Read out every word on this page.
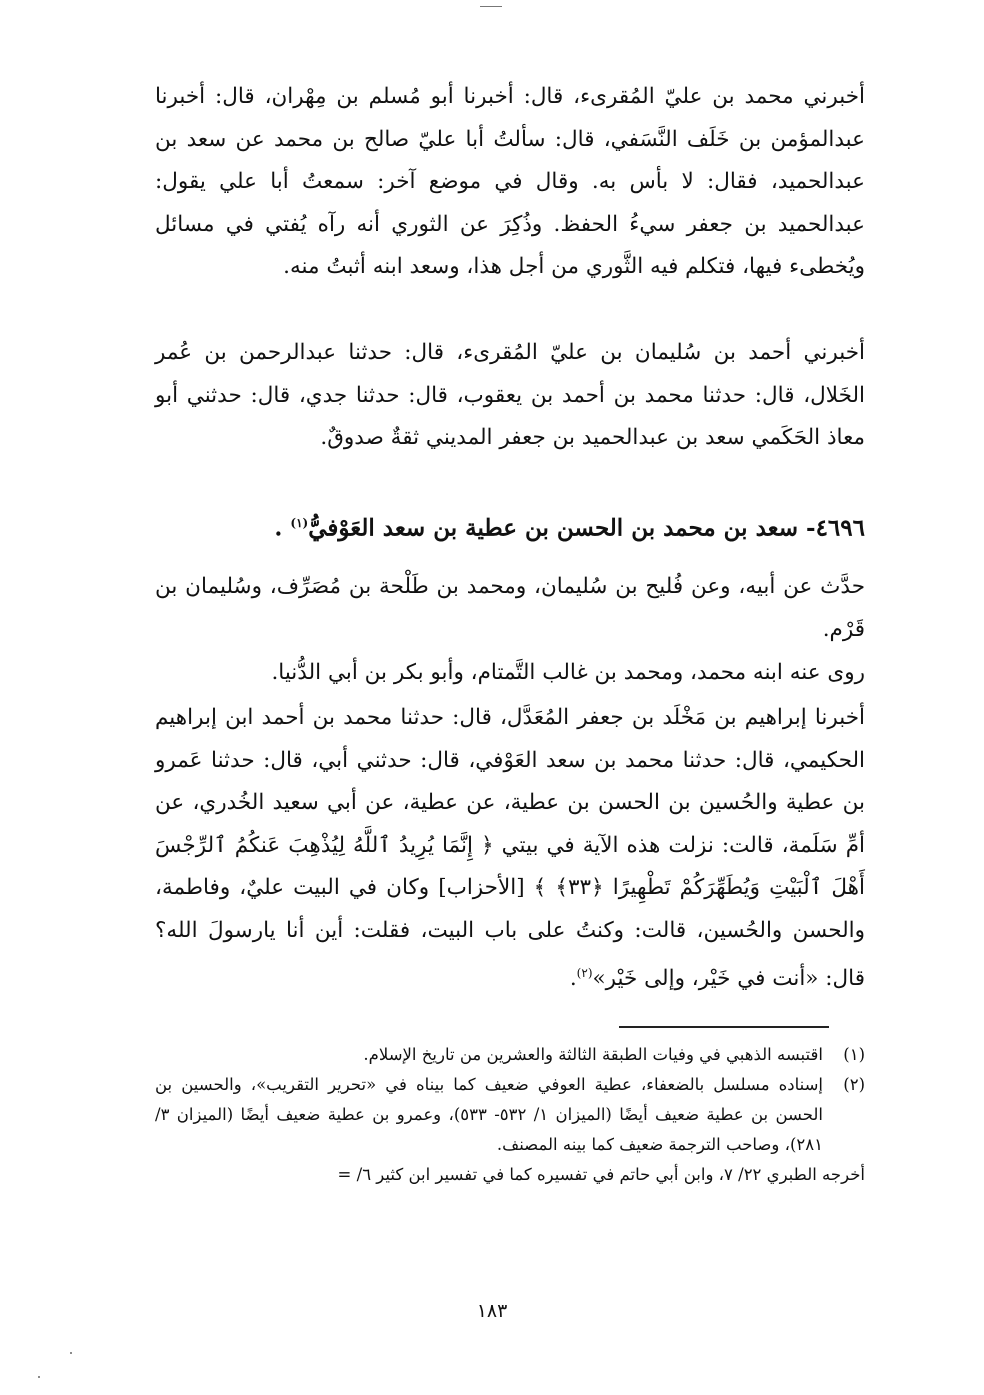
أخبرني محمد بن عليّ المُقرىء، قال: أخبرنا أبو مُسلم بن مِهْران، قال: أخبرنا عبدالمؤمن بن خَلَف النَّسَفي، قال: سألتُ أبا عليّ صالح بن محمد عن سعد بن عبدالحميد، فقال: لا بأس به. وقال في موضع آخر: سمعتُ أبا علي يقول: عبدالحميد بن جعفر سيءُ الحفظ. وذُكِرَ عن الثوري أنه رآه يُفتي في مسائل ويُخطىء فيها، فتكلم فيه الثَّوري من أجل هذا، وسعد ابنه أثبتُ منه.

أخبرني أحمد بن سُليمان بن عليّ المُقرىء، قال: حدثنا عبدالرحمن بن عُمر الخَلال، قال: حدثنا محمد بن أحمد بن يعقوب، قال: حدثنا جدي، قال: حدثني أبو معاذ الحَكَمي سعد بن عبدالحميد بن جعفر المديني ثقةٌ صدوقٌ.

٤٦٩٦- سعد بن محمد بن الحسن بن عطية بن سعد العَوْفيُّ$^{(١)}$ .

حدَّث عن أبيه، وعن فُليح بن سُليمان، ومحمد بن طَلْحة بن مُصَرِّف، وسُليمان بن قَرْم.

روى عنه ابنه محمد، ومحمد بن غالب التَّمتام، وأبو بكر بن أبي الدُّنيا.

أخبرنا إبراهيم بن مَخْلَد بن جعفر المُعَدَّل، قال: حدثنا محمد بن أحمد ابن إبراهيم الحكيمي، قال: حدثنا محمد بن سعد العَوْفي، قال: حدثني أبي، قال: حدثنا عَمرو بن عطية والحُسين بن الحسن بن عطية، عن عطية، عن أبي سعيد الخُدري، عن أمِّ سَلَمة، قالت: نزلت هذه الآية في بيتي ﴿ إِنَّمَا يُرِيدُ ٱللَّهُ لِيُذْهِبَ عَنكُمُ ٱلرِّجْسَ أَهْلَ ٱلْبَيْتِ وَيُطَهِّرَكُمْ تَطْهِيرًا ﴿٣٣﴾ ﴾ [الأحزاب] وكان في البيت عليٌ، وفاطمة، والحسن والحُسين، قالت: وكنتُ على باب البيت، فقلت: أين أنا يارسولَ الله؟ قال: «أنت في خَيْر، وإلى خَيْر»$^{(٢)}$.

(١)
اقتبسه الذهبي في وفيات الطبقة الثالثة والعشرين من تاريخ الإسلام.

(٢)
إسناده مسلسل بالضعفاء، عطية العوفي ضعيف كما بيناه في «تحرير التقريب»، والحسين بن الحسن بن عطية ضعيف أيضًا (الميزان ١/ ٥٣٢- ٥٣٣)، وعمرو بن عطية ضعيف أيضًا (الميزان ٣/ ٢٨١)، وصاحب الترجمة ضعيف كما بينه المصنف.

أخرجه الطبري ٢٢/ ٧، وابن أبي حاتم في تفسيره كما في تفسير ابن كثير ٦/ =

١٨٣
